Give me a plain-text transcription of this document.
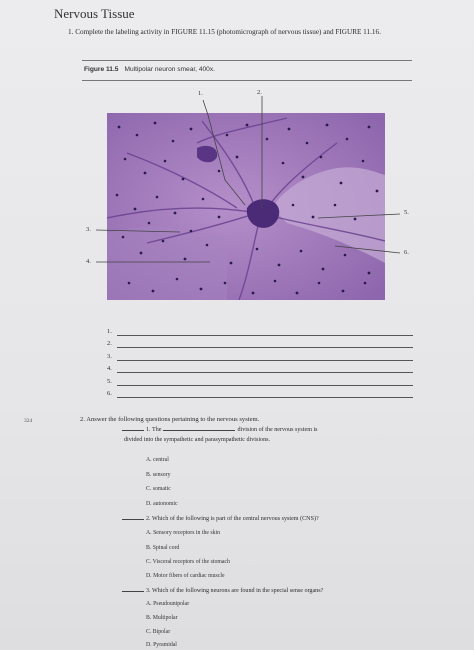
Nervous Tissue
1. Complete the labeling activity in FIGURE 11.15 (photomicrograph of nervous tissue) and FIGURE 11.16.
Figure 11.5 Multipolar neuron smear, 400x.
1.	2.
3.
4.
5.
6.
1.
2.
3.
4.
5.
6.
324	2. Answer the following questions pertaining to the nervous system.
1. The	division of the nervous system is
divided into the sympathetic and parasympathetic divisions.
A. central
B. sensory
C. somatic
D. autonomic
2. Which of the following is part of the central nervous system (CNS)?
A. Sensory receptors in the skin
B. Spinal cord
C. Visceral receptors of the stomach
D. Motor fibers of cardiac muscle
3. Which of the following neurons are found in the special sense organs?
A. Pseudounipolar
B. Multipolar
C. Bipolar
D. Pyramidal
